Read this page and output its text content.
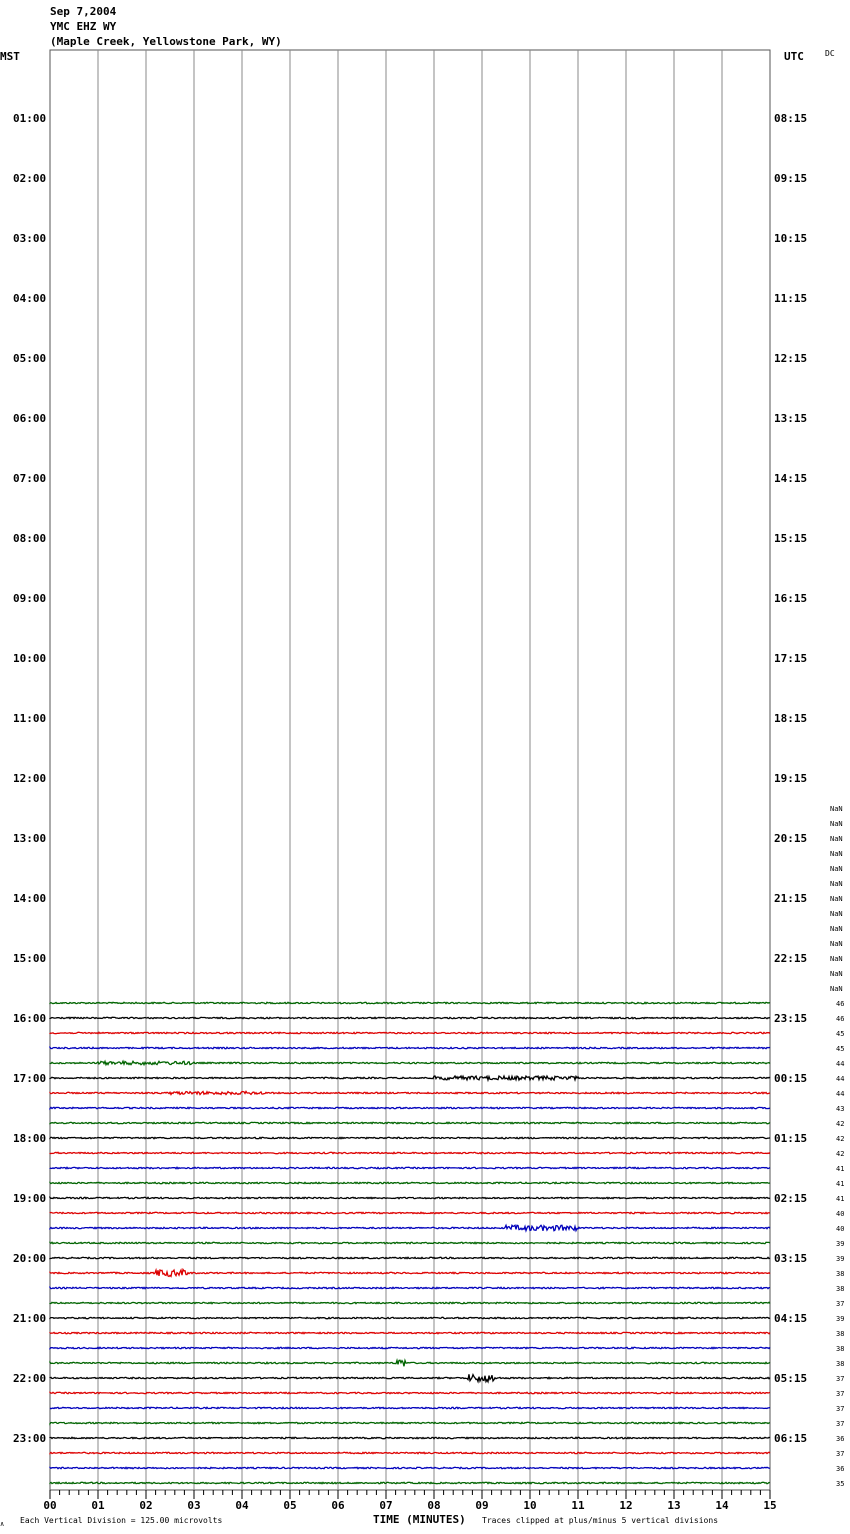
Sep 7,2004
YMC EHZ WY
(Maple Creek, Yellowstone Park, WY)
00	01	02	03	04	05	06	07	08	09	10	11	12	13	14	15
MST	UTC	DC
01:00
02:00
03:00
04:00
05:00
06:00
07:00
08:00
09:00
10:00
11:00
12:00
13:00
14:00
15:00
16:00
17:00
18:00
19:00
20:00
21:00
22:00
23:00
08:15
09:15
10:15
11:15
12:15
13:15
14:15
15:15
16:15
17:15
18:15
19:15
20:15
21:15
22:15
23:15
00:15
01:15
02:15
03:15
04:15
05:15
06:15
NaN
NaN
NaN
NaN
NaN
NaN
NaN
NaN
NaN
NaN
NaN
NaN
NaN
46
46
45
45
44
44
44
43
42
42
42
41
41
41
40
40
39
39
38
38
37
39
38
38
38
37
37
37
37
36
37
36
35
∧ Each Vertical Division = 125.00 microvolts	TIME (MINUTES) Traces clipped at plus/minus 5 vertical divisions
